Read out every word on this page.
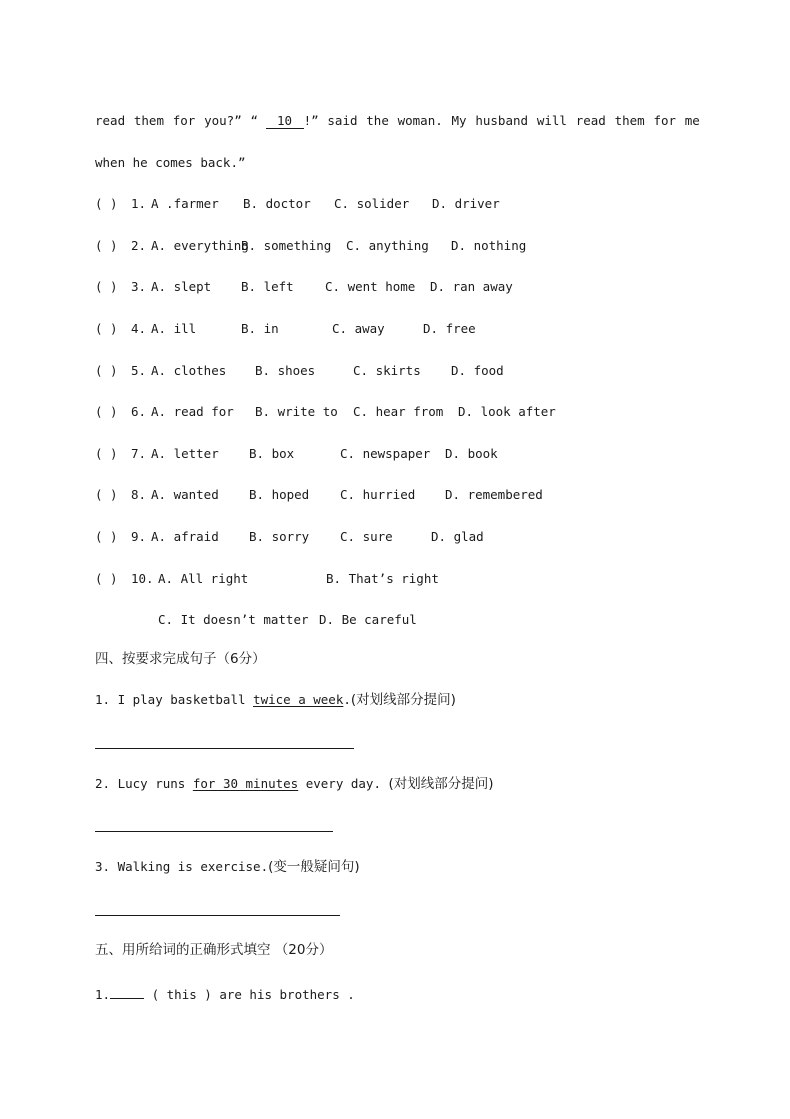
read them for you?” “ 10 !” said the woman. My husband will read them for me
when he comes back.”
( )	1. A .farmer	B. doctor	C. solider	D. driver
( )	2. A. everything
B. something	C. anything	D. nothing
( )	3. A. slept	B. left	C. went home	D. ran away
( )	4. A. ill	B. in	C. away	D. free
( )	5. A. clothes	B. shoes	C. skirts	D. food
( )	6. A. read for	B. write to	C. hear from	D. look after
( )	7. A. letter	B. box	C. newspaper	D. book
( )	8. A. wanted	B. hoped	C. hurried	D. remembered
( )	9. A. afraid	B. sorry	C. sure	D. glad
( )	10. A. All right	B. That’s right
C. It doesn’t matter D. Be careful
四、按要求完成句子（6分）
1. I play basketball twice a week.(对划线部分提问)
2. Lucy runs for 30 minutes every day. (对划线部分提问)
3. Walking is exercise.(变一般疑问句)
五、用所给词的正确形式填空 （20分）
1.	( this ) are his brothers .
